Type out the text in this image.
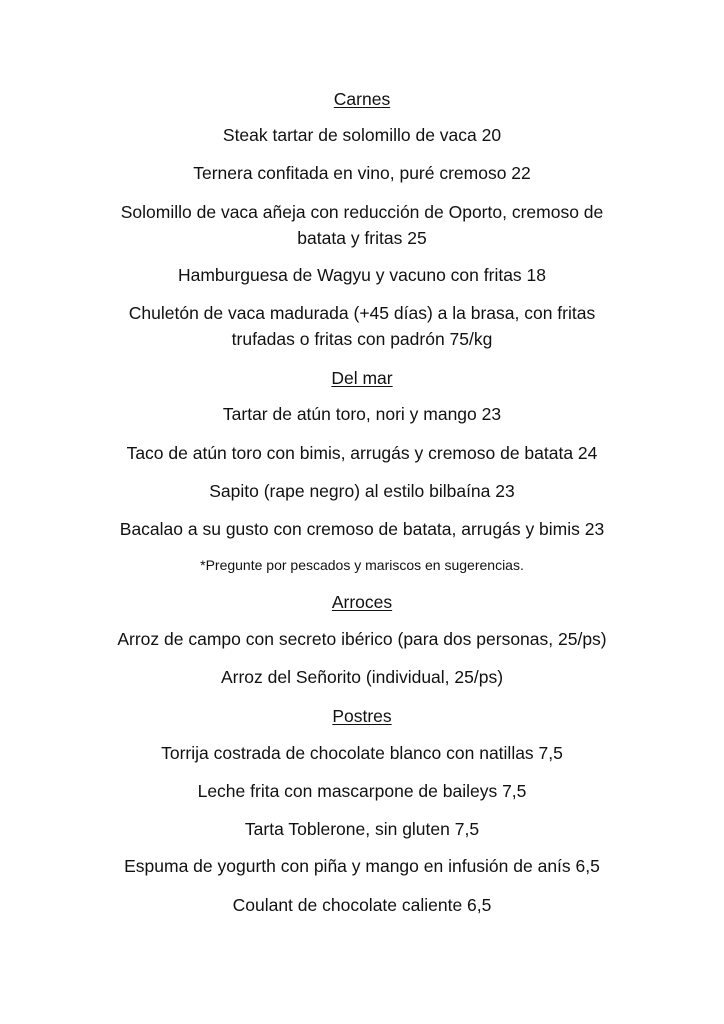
Carnes
Steak tartar de solomillo de vaca 20
Ternera confitada en vino, puré cremoso 22
Solomillo de vaca añeja con reducción de Oporto, cremoso de batata y fritas 25
Hamburguesa de Wagyu y vacuno con fritas 18
Chuletón de vaca madurada (+45 días) a la brasa, con fritas trufadas o fritas con padrón 75/kg
Del mar
Tartar de atún toro, nori y mango 23
Taco de atún toro con bimis, arrugás y cremoso de batata 24
Sapito (rape negro) al estilo bilbaína 23
Bacalao a su gusto con cremoso de batata, arrugás y bimis 23
*Pregunte por pescados y mariscos en sugerencias.
Arroces
Arroz de campo con secreto ibérico (para dos personas, 25/ps)
Arroz del Señorito (individual, 25/ps)
Postres
Torrija costrada de chocolate blanco con natillas 7,5
Leche frita con mascarpone de baileys 7,5
Tarta Toblerone, sin gluten 7,5
Espuma de yogurth con piña y mango en infusión de anís 6,5
Coulant de chocolate caliente 6,5
